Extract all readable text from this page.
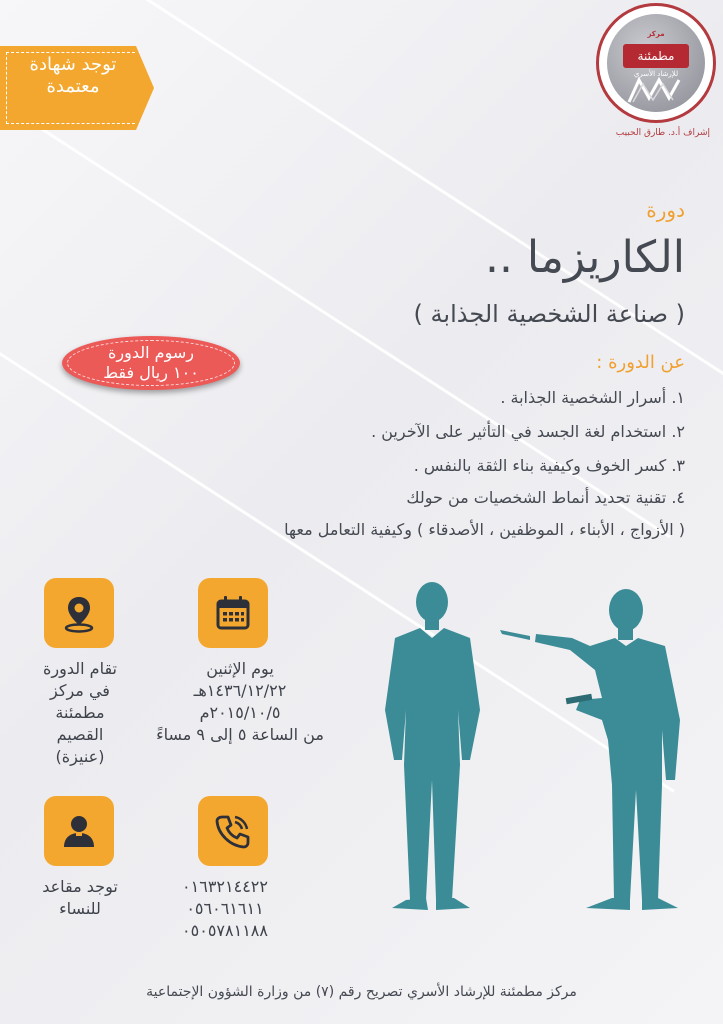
توجد شهادة معتمدة
مركز
مطمئنة
للإرشاد الأسري
إشراف أ.د. طارق الحبيب
دورة
الكاريزما ..
( صناعة الشخصية الجذابة )
عن الدورة :
١. أسرار الشخصية الجذابة .
٢. استخدام لغة الجسد في التأثير على الآخرين .
٣. كسر الخوف وكيفية بناء الثقة بالنفس .
٤. تقنية تحديد أنماط الشخصيات من حولك
( الأزواج ، الأبناء ، الموظفين ، الأصدقاء ) وكيفية التعامل معها
رسوم الدورة
١٠٠ ريال فقط
تقام الدورة
في مركز
مطمئنة
القصيم
(عنيزة)
يوم الإثنين
١٤٣٦/١٢/٢٢هـ
٢٠١٥/١٠/٥م
من الساعة ٥ إلى ٩ مساءً
توجد مقاعد
للنساء
٠١٦٣٢١٤٤٢٢
٠٥٦٠٦١٦١١
٠٥٠٥٧٨١١٨٨
مركز مطمئنة للإرشاد الأسري تصريح رقم (٧) من وزارة الشؤون الإجتماعية
